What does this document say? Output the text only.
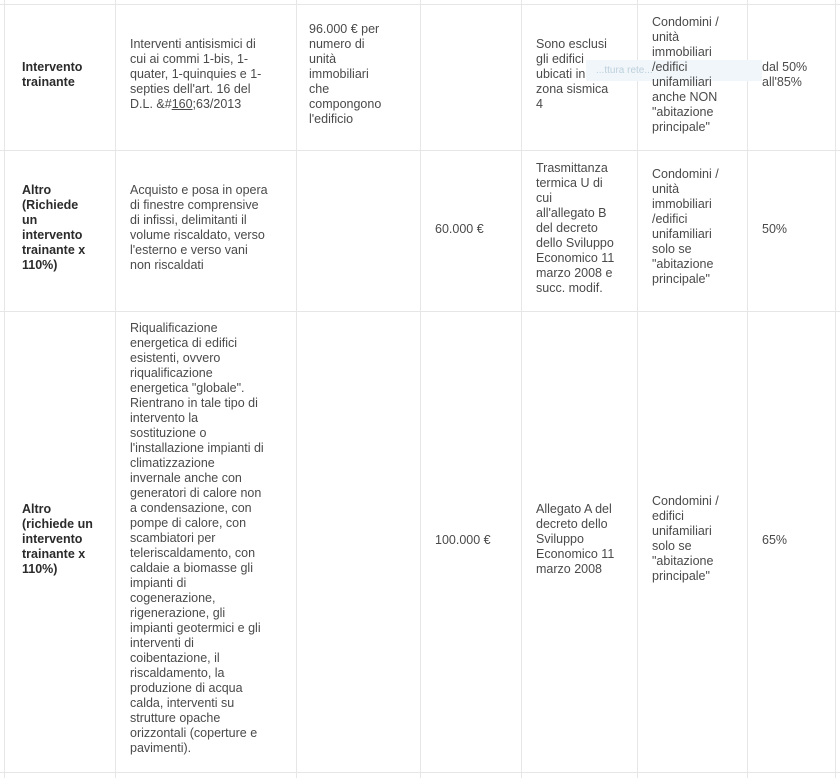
...ttura rete...
Intervento
trainante
Interventi antisismici di
cui ai commi 1-bis, 1-
quater, 1-quinquies e 1-
septies dell'art. 16 del
D.L. &#160;63/2013
96.000 € per
numero di
unità
immobiliari
che
compongono
l'edificio
Sono esclusi
gli edifici
ubicati in
zona sismica
4
Condomini /
unità
immobiliari
/edifici
unifamiliari
anche NON
"abitazione
principale"
dal 50%
all'85%
Altro
(Richiede
un
intervento
trainante x
110%)
Acquisto e posa in opera
di finestre comprensive
di infissi, delimitanti il
volume riscaldato, verso
l'esterno e verso vani
non riscaldati
60.000 €
Trasmittanza
termica U di
cui
all'allegato B
del decreto
dello Sviluppo
Economico 11
marzo 2008 e
succ. modif.
Condomini /
unità
immobiliari
/edifici
unifamiliari
solo se
"abitazione
principale"
50%
Altro
(richiede un
intervento
trainante x
110%)
Riqualificazione
energetica di edifici
esistenti, ovvero
riqualificazione
energetica "globale".
Rientrano in tale tipo di
intervento la
sostituzione o
l'installazione impianti di
climatizzazione
invernale anche con
generatori di calore non
a condensazione, con
pompe di calore, con
scambiatori per
teleriscaldamento, con
caldaie a biomasse gli
impianti di
cogenerazione,
rigenerazione, gli
impianti geotermici e gli
interventi di
coibentazione, il
riscaldamento, la
produzione di acqua
calda, interventi su
strutture opache
orizzontali (coperture e
pavimenti).
100.000 €
Allegato A del
decreto dello
Sviluppo
Economico 11
marzo 2008
Condomini /
edifici
unifamiliari
solo se
"abitazione
principale"
65%
